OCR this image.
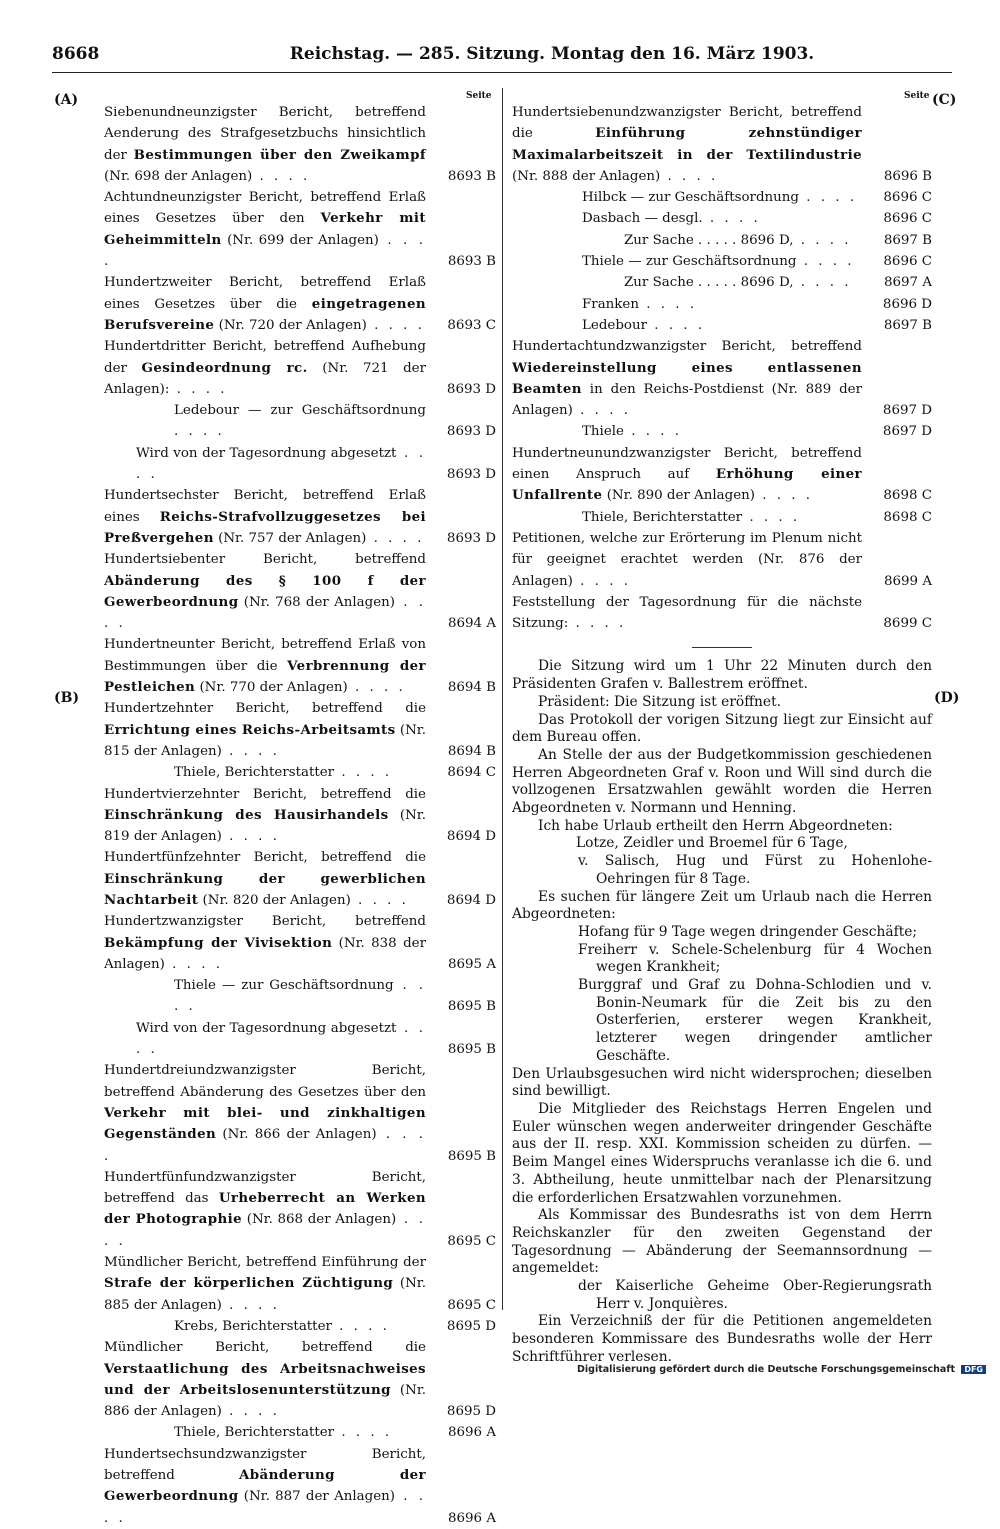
8668	Reichstag. — 285. Sitzung. Montag den 16. März 1903.
(A)
(B)
(C)
(D)
Seite	Seite
Siebenundneunzigster Bericht, betreffend Aenderung des Strafgesetzbuchs hinsichtlich der Bestimmungen über den Zweikampf (Nr. 698 der Anlagen) . . . .	8693 B
Achtundneunzigster Bericht, betreffend Erlaß eines Gesetzes über den Verkehr mit Geheimmitteln (Nr. 699 der Anlagen) . . . .	8693 B
Hundertzweiter Bericht, betreffend Erlaß eines Gesetzes über die eingetragenen Berufsvereine (Nr. 720 der Anlagen) . . . .	8693 C
Hundertdritter Bericht, betreffend Aufhebung der Gesindeordnung rc. (Nr. 721 der Anlagen): . . . .	8693 D
Ledebour — zur Geschäftsordnung . . . .	8693 D
Wird von der Tagesordnung abgesetzt . . . .	8693 D
Hundertsechster Bericht, betreffend Erlaß eines Reichs-Strafvollzuggesetzes bei Preßvergehen (Nr. 757 der Anlagen) . . . .	8693 D
Hundertsiebenter Bericht, betreffend Abänderung des § 100 f der Gewerbeordnung (Nr. 768 der Anlagen) . . . .	8694 A
Hundertneunter Bericht, betreffend Erlaß von Bestimmungen über die Verbrennung der Pestleichen (Nr. 770 der Anlagen) . . . .	8694 B
Hundertzehnter Bericht, betreffend die Errichtung eines Reichs-Arbeitsamts (Nr. 815 der Anlagen) . . . .	8694 B
Thiele, Berichterstatter . . . .	8694 C
Hundertvierzehnter Bericht, betreffend die Einschränkung des Hausirhandels (Nr. 819 der Anlagen) . . . .	8694 D
Hundertfünfzehnter Bericht, betreffend die Einschränkung der gewerblichen Nachtarbeit (Nr. 820 der Anlagen) . . . .	8694 D
Hundertzwanzigster Bericht, betreffend Bekämpfung der Vivisektion (Nr. 838 der Anlagen) . . . .	8695 A
Thiele — zur Geschäftsordnung . . . .	8695 B
Wird von der Tagesordnung abgesetzt . . . .	8695 B
Hundertdreiundzwanzigster Bericht, betreffend Abänderung des Gesetzes über den Verkehr mit blei- und zinkhaltigen Gegenständen (Nr. 866 der Anlagen) . . . .	8695 B
Hundertfünfundzwanzigster Bericht, betreffend das Urheberrecht an Werken der Photographie (Nr. 868 der Anlagen) . . . .	8695 C
Mündlicher Bericht, betreffend Einführung der Strafe der körperlichen Züchtigung (Nr. 885 der Anlagen) . . . .	8695 C
Krebs, Berichterstatter . . . .	8695 D
Mündlicher Bericht, betreffend die Verstaatlichung des Arbeitsnachweises und der Arbeitslosenunterstützung (Nr. 886 der Anlagen) . . . .	8695 D
Thiele, Berichterstatter . . . .	8696 A
Hundertsechsundzwanzigster Bericht, betreffend Abänderung der Gewerbeordnung (Nr. 887 der Anlagen) . . . .	8696 A
Hundertsiebenundzwanzigster Bericht, betreffend die Einführung zehnstündiger Maximalarbeitszeit in der Textilindustrie (Nr. 888 der Anlagen) . . . .	8696 B
Hilbck — zur Geschäftsordnung . . . .	8696 C
Dasbach — desgl. . . . .	8696 C
Zur Sache . . . . . 8696 D, . . . .	8697 B
Thiele — zur Geschäftsordnung . . . .	8696 C
Zur Sache . . . . . 8696 D, . . . .	8697 A
Franken . . . .	8696 D
Ledebour . . . .	8697 B
Hundertachtundzwanzigster Bericht, betreffend Wiedereinstellung eines entlassenen Beamten in den Reichs-Postdienst (Nr. 889 der Anlagen) . . . .	8697 D
Thiele . . . .	8697 D
Hundertneunundzwanzigster Bericht, betreffend einen Anspruch auf Erhöhung einer Unfallrente (Nr. 890 der Anlagen) . . . .	8698 C
Thiele, Berichterstatter . . . .	8698 C
Petitionen, welche zur Erörterung im Plenum nicht für geeignet erachtet werden (Nr. 876 der Anlagen) . . . .	8699 A
Feststellung der Tagesordnung für die nächste Sitzung: . . . .	8699 C

Die Sitzung wird um 1 Uhr 22 Minuten durch den Präsidenten Grafen v. Ballestrem eröffnet.

Präsident: Die Sitzung ist eröffnet.

Das Protokoll der vorigen Sitzung liegt zur Einsicht auf dem Bureau offen.

An Stelle der aus der Budgetkommission geschiedenen Herren Abgeordneten Graf v. Roon und Will sind durch die vollzogenen Ersatzwahlen gewählt worden die Herren Abgeordneten v. Normann und Henning.

Ich habe Urlaub ertheilt den Herrn Abgeordneten:

Lotze, Zeidler und Broemel für 6 Tage,

v. Salisch, Hug und Fürst zu Hohenlohe-Oehringen für 8 Tage.

Es suchen für längere Zeit um Urlaub nach die Herren Abgeordneten:

Hofang für 9 Tage wegen dringender Geschäfte;

Freiherr v. Schele-Schelenburg für 4 Wochen wegen Krankheit;

Burggraf und Graf zu Dohna-Schlodien und v. Bonin-Neumark für die Zeit bis zu den Osterferien, ersterer wegen Krankheit, letzterer wegen dringender amtlicher Geschäfte.

Den Urlaubsgesuchen wird nicht widersprochen; dieselben sind bewilligt.

Die Mitglieder des Reichstags Herren Engelen und Euler wünschen wegen anderweiter dringender Geschäfte aus der II. resp. XXI. Kommission scheiden zu dürfen. — Beim Mangel eines Widerspruchs veranlasse ich die 6. und 3. Abtheilung, heute unmittelbar nach der Plenarsitzung die erforderlichen Ersatzwahlen vorzunehmen.

Als Kommissar des Bundesraths ist von dem Herrn Reichskanzler für den zweiten Gegenstand der Tagesordnung — Abänderung der Seemannsordnung — angemeldet:

der Kaiserliche Geheime Ober-Regierungsrath Herr v. Jonquières.

Ein Verzeichniß der für die Petitionen angemeldeten besonderen Kommissare des Bundesraths wolle der Herr Schriftführer verlesen.

Digitalisierung gefördert durch die Deutsche Forschungsgemeinschaft DFG
